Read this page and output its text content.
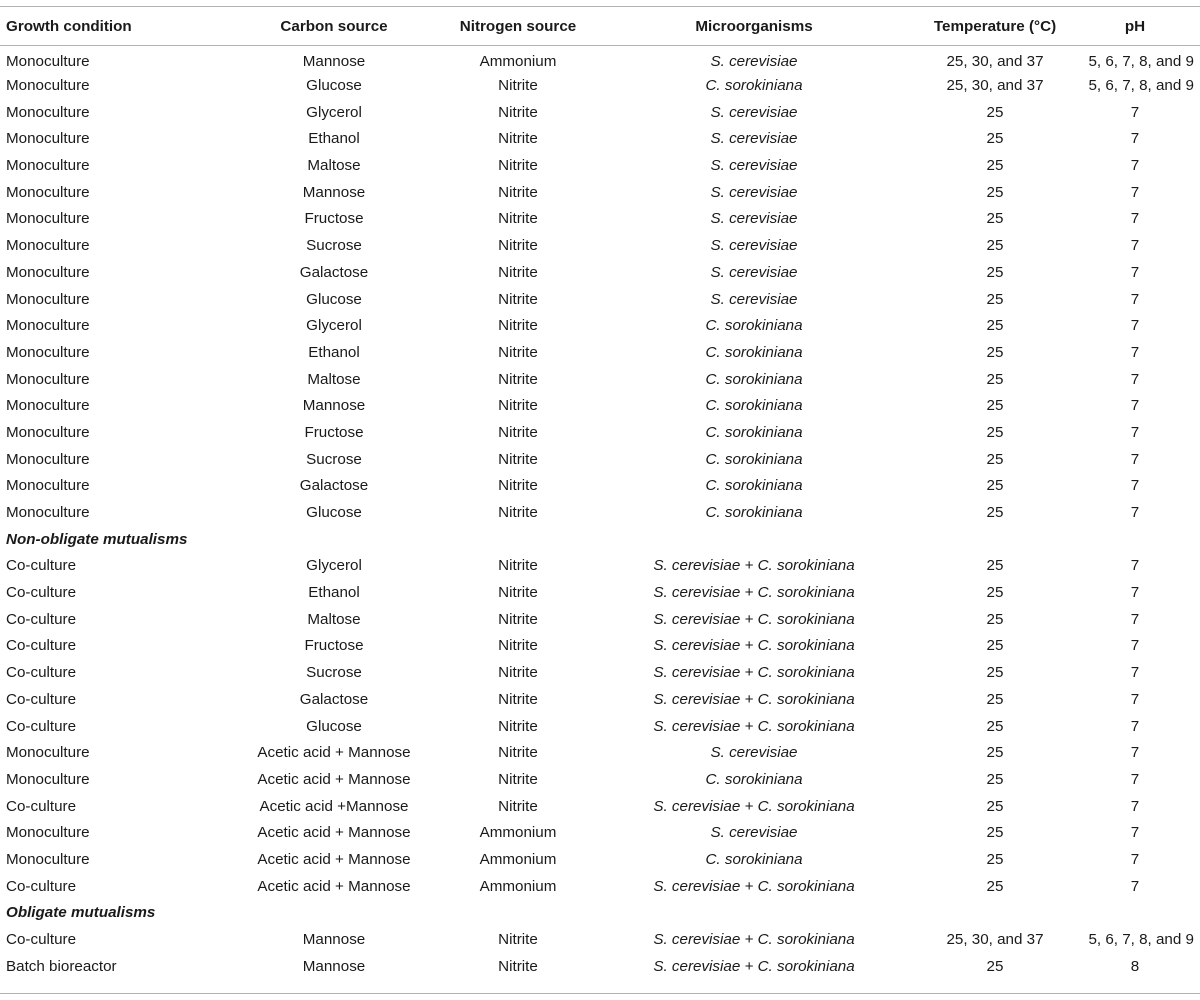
Growth condition	Carbon source	Nitrogen source	Microorganisms	Temperature (°C)	pH
Monoculture	Mannose	Ammonium	S. cerevisiae	25, 30, and 37	5, 6, 7, 8, and 9
Monoculture	Glucose	Nitrite	C. sorokiniana	25, 30, and 37	5, 6, 7, 8, and 9
Monoculture	Glycerol	Nitrite	S. cerevisiae	25	7
Monoculture	Ethanol	Nitrite	S. cerevisiae	25	7
Monoculture	Maltose	Nitrite	S. cerevisiae	25	7
Monoculture	Mannose	Nitrite	S. cerevisiae	25	7
Monoculture	Fructose	Nitrite	S. cerevisiae	25	7
Monoculture	Sucrose	Nitrite	S. cerevisiae	25	7
Monoculture	Galactose	Nitrite	S. cerevisiae	25	7
Monoculture	Glucose	Nitrite	S. cerevisiae	25	7
Monoculture	Glycerol	Nitrite	C. sorokiniana	25	7
Monoculture	Ethanol	Nitrite	C. sorokiniana	25	7
Monoculture	Maltose	Nitrite	C. sorokiniana	25	7
Monoculture	Mannose	Nitrite	C. sorokiniana	25	7
Monoculture	Fructose	Nitrite	C. sorokiniana	25	7
Monoculture	Sucrose	Nitrite	C. sorokiniana	25	7
Monoculture	Galactose	Nitrite	C. sorokiniana	25	7
Monoculture	Glucose	Nitrite	C. sorokiniana	25	7
Non-obligate mutualisms					
Co-culture	Glycerol	Nitrite	S. cerevisiae + C. sorokiniana	25	7
Co-culture	Ethanol	Nitrite	S. cerevisiae + C. sorokiniana	25	7
Co-culture	Maltose	Nitrite	S. cerevisiae + C. sorokiniana	25	7
Co-culture	Fructose	Nitrite	S. cerevisiae + C. sorokiniana	25	7
Co-culture	Sucrose	Nitrite	S. cerevisiae + C. sorokiniana	25	7
Co-culture	Galactose	Nitrite	S. cerevisiae + C. sorokiniana	25	7
Co-culture	Glucose	Nitrite	S. cerevisiae + C. sorokiniana	25	7
Monoculture	Acetic acid + Mannose	Nitrite	S. cerevisiae	25	7
Monoculture	Acetic acid + Mannose	Nitrite	C. sorokiniana	25	7
Co-culture	Acetic acid +Mannose	Nitrite	S. cerevisiae + C. sorokiniana	25	7
Monoculture	Acetic acid + Mannose	Ammonium	S. cerevisiae	25	7
Monoculture	Acetic acid + Mannose	Ammonium	C. sorokiniana	25	7
Co-culture	Acetic acid + Mannose	Ammonium	S. cerevisiae + C. sorokiniana	25	7
Obligate mutualisms					
Co-culture	Mannose	Nitrite	S. cerevisiae + C. sorokiniana	25, 30, and 37	5, 6, 7, 8, and 9
Batch bioreactor	Mannose	Nitrite	S. cerevisiae + C. sorokiniana	25	8
